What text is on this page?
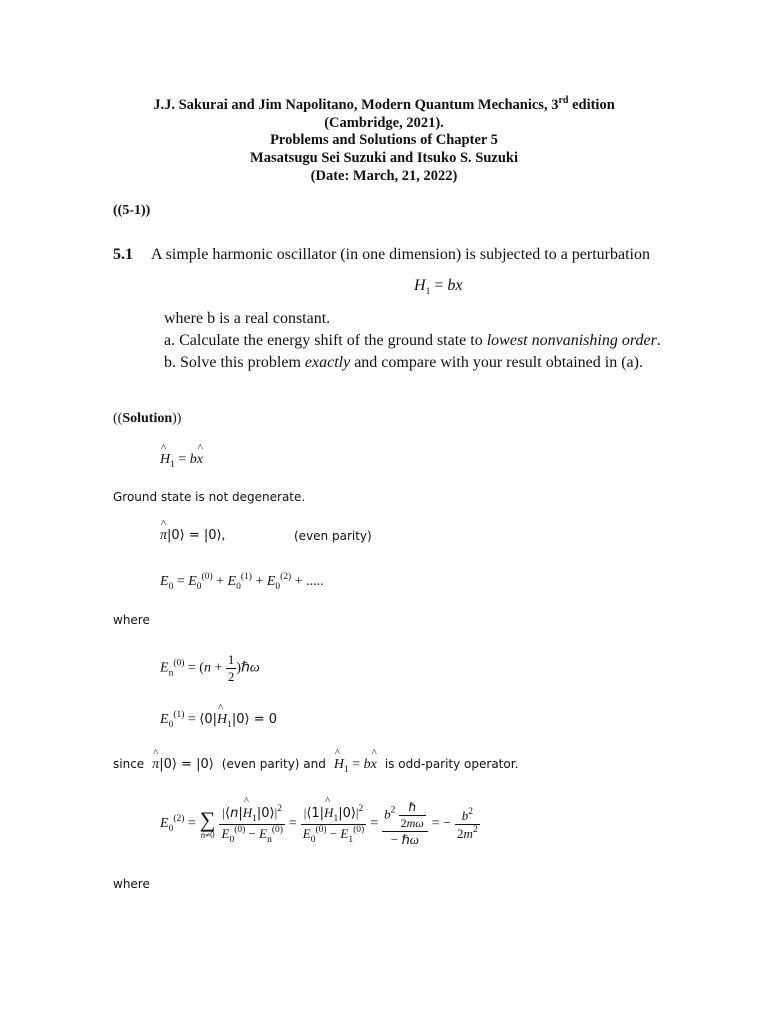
J.J. Sakurai and Jim Napolitano, Modern Quantum Mechanics, 3rd edition
(Cambridge, 2021).
Problems and Solutions of Chapter 5
Masatsugu Sei Suzuki and Itsuko S. Suzuki
(Date: March, 21, 2022)
((5-1))
5.1 A simple harmonic oscillator (in one dimension) is subjected to a perturbation
$H_1$ = bx
where b is a real constant.
a. Calculate the energy shift of the ground state to lowest nonvanishing order.
b. Solve this problem exactly and compare with your result obtained in (a).
((Solution))
^ $H_1$ = b^ x
Ground state is not degenerate.
^ π|0⟩ = |0⟩,	(even parity)
$E_0 = E_0^{(0)} + E_0^{(1)} + E_0^{(2)}$ + .....
where
$E_n^{(0)} = (n + \frac{1}{2}$ )ℏω
$E_0^{(1)}$ = ⟨0|^ $H_1|0⟩ = 0$
since ^ π|0⟩ = |0⟩ (even parity) and ^ $H_1$ = b^ x is odd-parity operator.
$E_0^{(2)}$ = ∑
$n\ne 0 \frac{|⟨n|\^{} H_1|0⟩|^2}{E_0^{(0)} - E_n^{(0)}} = \frac{|⟨1|\^{} H_1|0⟩|^2}{E_0^{(0)} - E_1^{(0)}} = \frac{b^2 \frac{\text{ℏ}}{2m\omega}}{\text{− ℏω}}$ = − $\frac{b^2}{2m^2}$
where
